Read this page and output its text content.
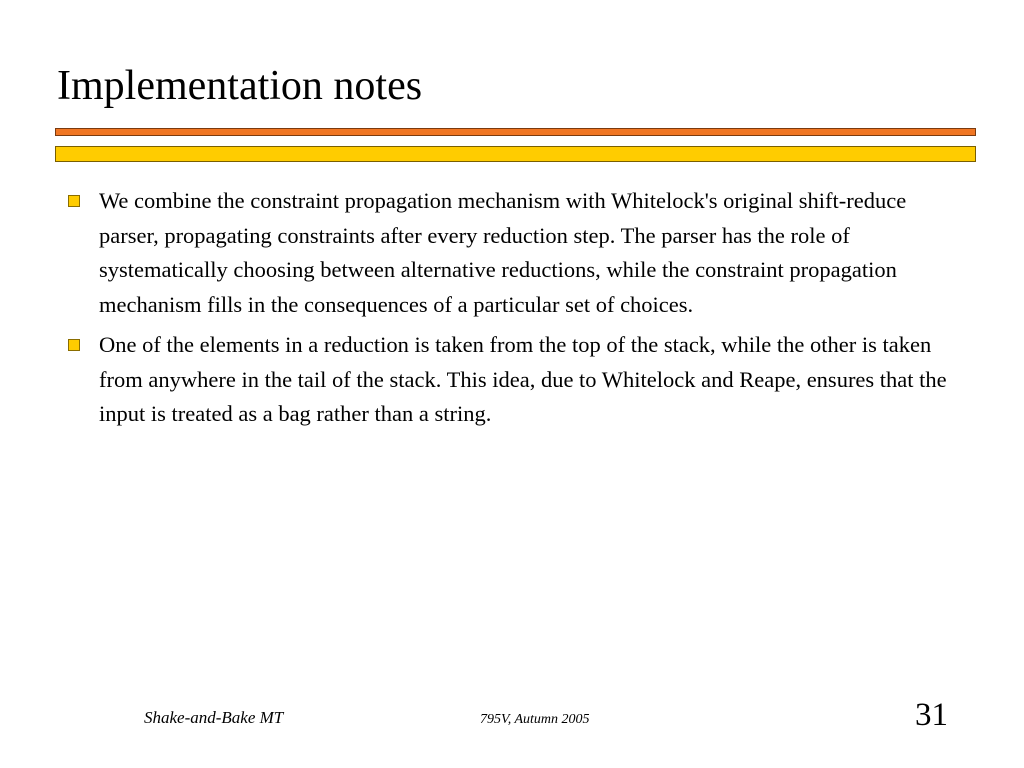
Implementation notes
We combine the constraint propagation mechanism with Whitelock's original shift-reduce parser, propagating constraints after every reduction step. The parser has the role of systematically choosing between alternative reductions, while the constraint propagation mechanism fills in the consequences of a particular set of choices.
One of the elements in a reduction is taken from the top of the stack, while the other is taken from anywhere in the tail of the stack. This idea, due to Whitelock and Reape, ensures that the input is treated as a bag rather than a string.
Shake-and-Bake MT	795V, Autumn 2005	31
